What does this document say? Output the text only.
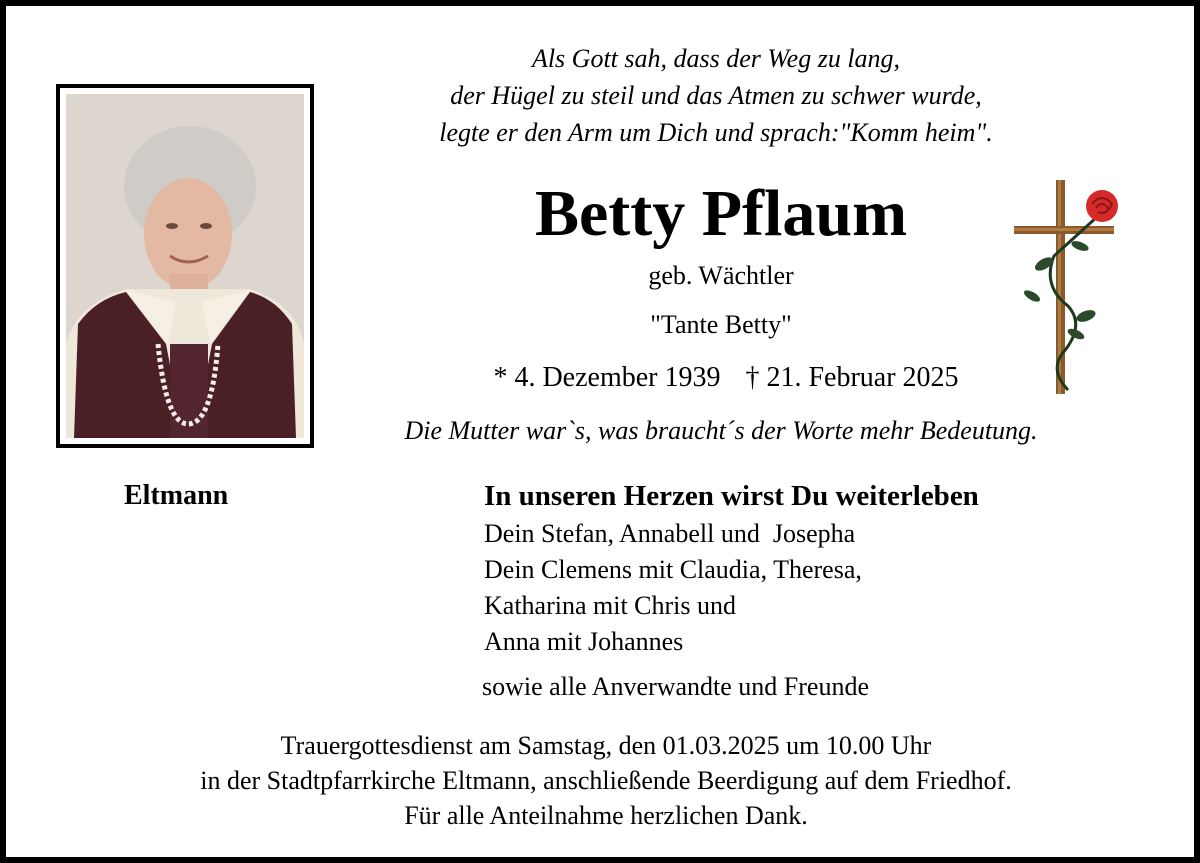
Als Gott sah, dass der Weg zu lang,
der Hügel zu steil und das Atmen zu schwer wurde,
legte er den Arm um Dich und sprach:"Komm heim".
Betty Pflaum
geb. Wächtler
"Tante Betty"
* 4. Dezember 1939 † 21. Februar 2025
Die Mutter war`s, was braucht´s der Worte mehr Bedeutung.
Eltmann	In unseren Herzen wirst Du weiterleben
Dein Stefan, Annabell und  Josepha
Dein Clemens mit Claudia, Theresa,
Katharina mit Chris und
Anna mit Johannes
sowie alle Anverwandte und Freunde
Trauergottesdienst am Samstag, den 01.03.2025 um 10.00 Uhr
in der Stadtpfarrkirche Eltmann, anschließende Beerdigung auf dem Friedhof.
Für alle Anteilnahme herzlichen Dank.
